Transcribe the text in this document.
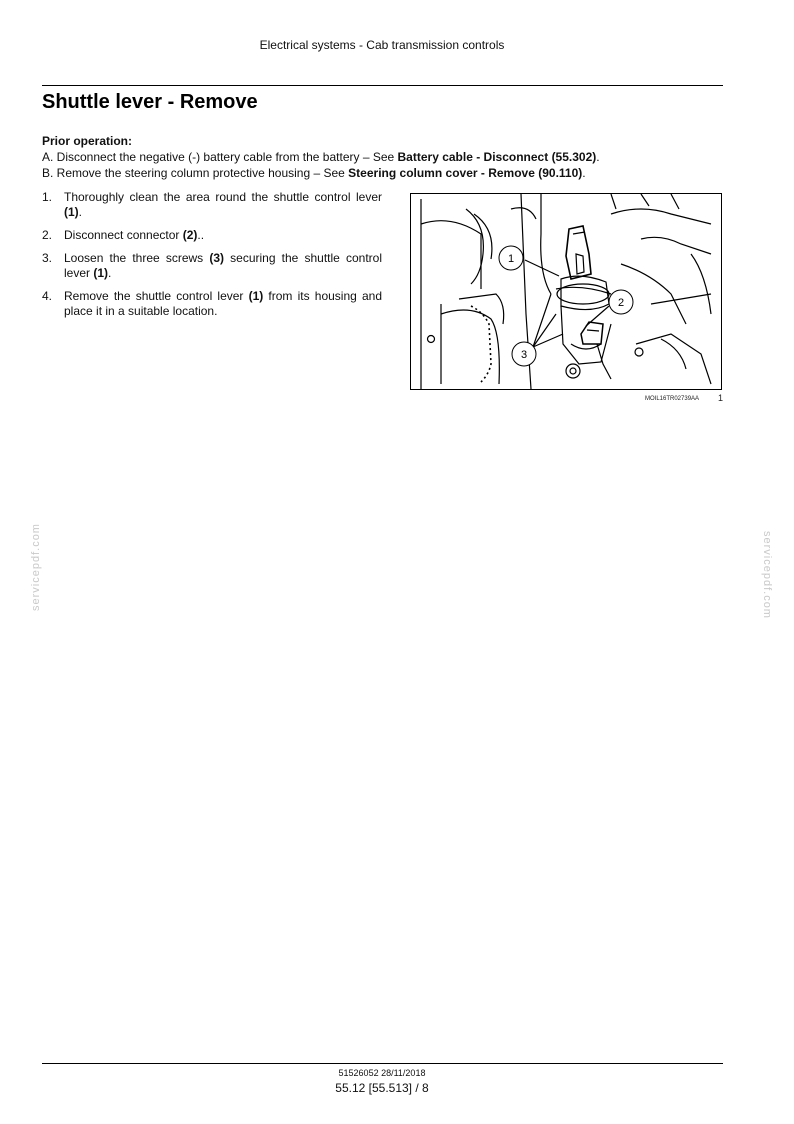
Electrical systems - Cab transmission controls
Shuttle lever - Remove
Prior operation:
A. Disconnect the negative (-) battery cable from the battery – See Battery cable - Disconnect (55.302).
B. Remove the steering column protective housing – See Steering column cover - Remove (90.110).
1. Thoroughly clean the area round the shuttle control lever (1).
2. Disconnect connector (2)..
3. Loosen the three screws (3) securing the shuttle control lever (1).
4. Remove the shuttle control lever (1) from its housing and place it in a suitable location.
1
2
3
MOIL16TR02739AA 1
servicepdf.com	servicepdf.com
51526052 28/11/2018
55.12 [55.513] / 8
